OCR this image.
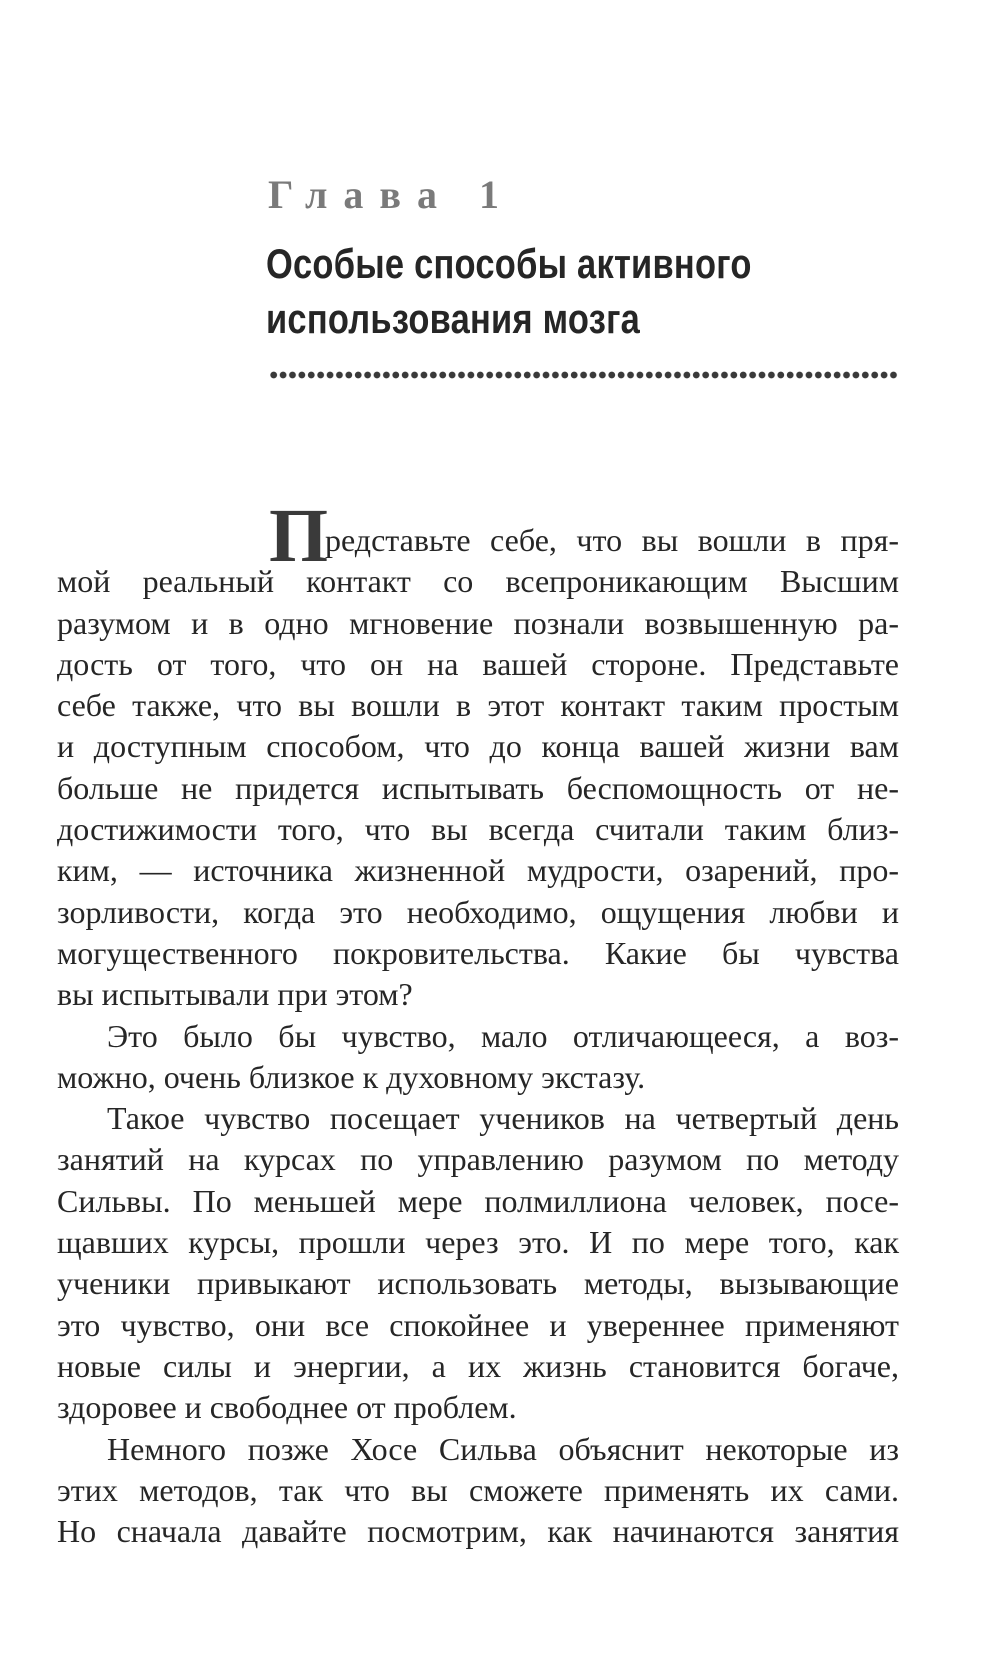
Глава 1
Особые способы активного
использования мозга
П
редставьте себе, что вы вошли в пря-
мой реальный контакт со всепроникающим Высшим
разумом и в одно мгновение познали возвышенную ра-
дость от того, что он на вашей стороне. Представьте
себе также, что вы вошли в этот контакт таким простым
и доступным способом, что до конца вашей жизни вам
больше не придется испытывать беспомощность от не-
достижимости того, что вы всегда считали таким близ-
ким, — источника жизненной мудрости, озарений, про-
зорливости, когда это необходимо, ощущения любви и
могущественного покровительства. Какие бы чувства
вы испытывали при этом?
Это было бы чувство, мало отличающееся, а воз-
можно, очень близкое к духовному экстазу.
Такое чувство посещает учеников на четвертый день
занятий на курсах по управлению разумом по методу
Сильвы. По меньшей мере полмиллиона человек, посе-
щавших курсы, прошли через это. И по мере того, как
ученики привыкают использовать методы, вызывающие
это чувство, они все спокойнее и увереннее применяют
новые силы и энергии, а их жизнь становится богаче,
здоровее и свободнее от проблем.
Немного позже Хосе Сильва объяснит некоторые из
этих методов, так что вы сможете применять их сами.
Но сначала давайте посмотрим, как начинаются занятия
